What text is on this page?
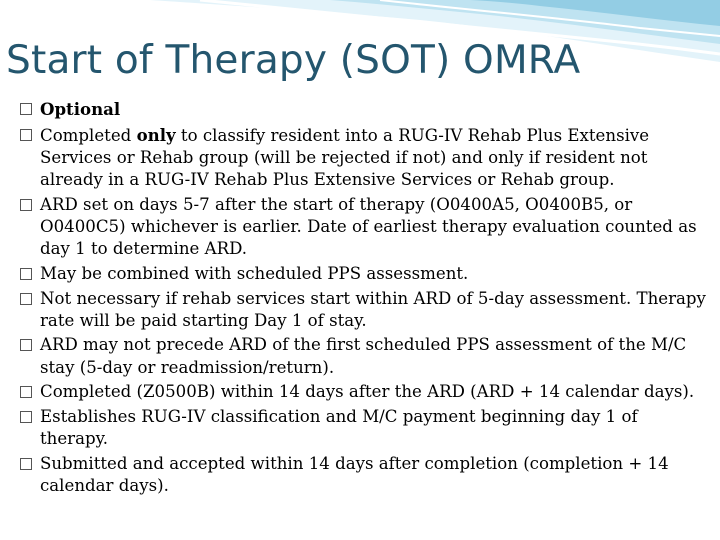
Start of Therapy (SOT) OMRA
Optional
Completed only to classify resident into a RUG-IV Rehab Plus Extensive Services or Rehab group (will be rejected if not) and only if resident not already in a RUG-IV Rehab Plus Extensive Services or Rehab group.
ARD set on days 5-7 after the start of therapy (O0400A5, O0400B5, or O0400C5) whichever is earlier. Date of earliest therapy evaluation counted as day 1 to determine ARD.
May be combined with scheduled PPS assessment.
Not necessary if rehab services start within ARD of 5-day assessment. Therapy rate will be paid starting Day 1 of stay.
ARD may not precede ARD of the first scheduled PPS assessment of the M/C stay (5-day or readmission/return).
Completed (Z0500B) within 14 days after the ARD (ARD + 14 calendar days).
Establishes RUG-IV classification and M/C payment beginning day 1 of therapy.
Submitted and accepted within 14 days after completion (completion + 14 calendar days).
